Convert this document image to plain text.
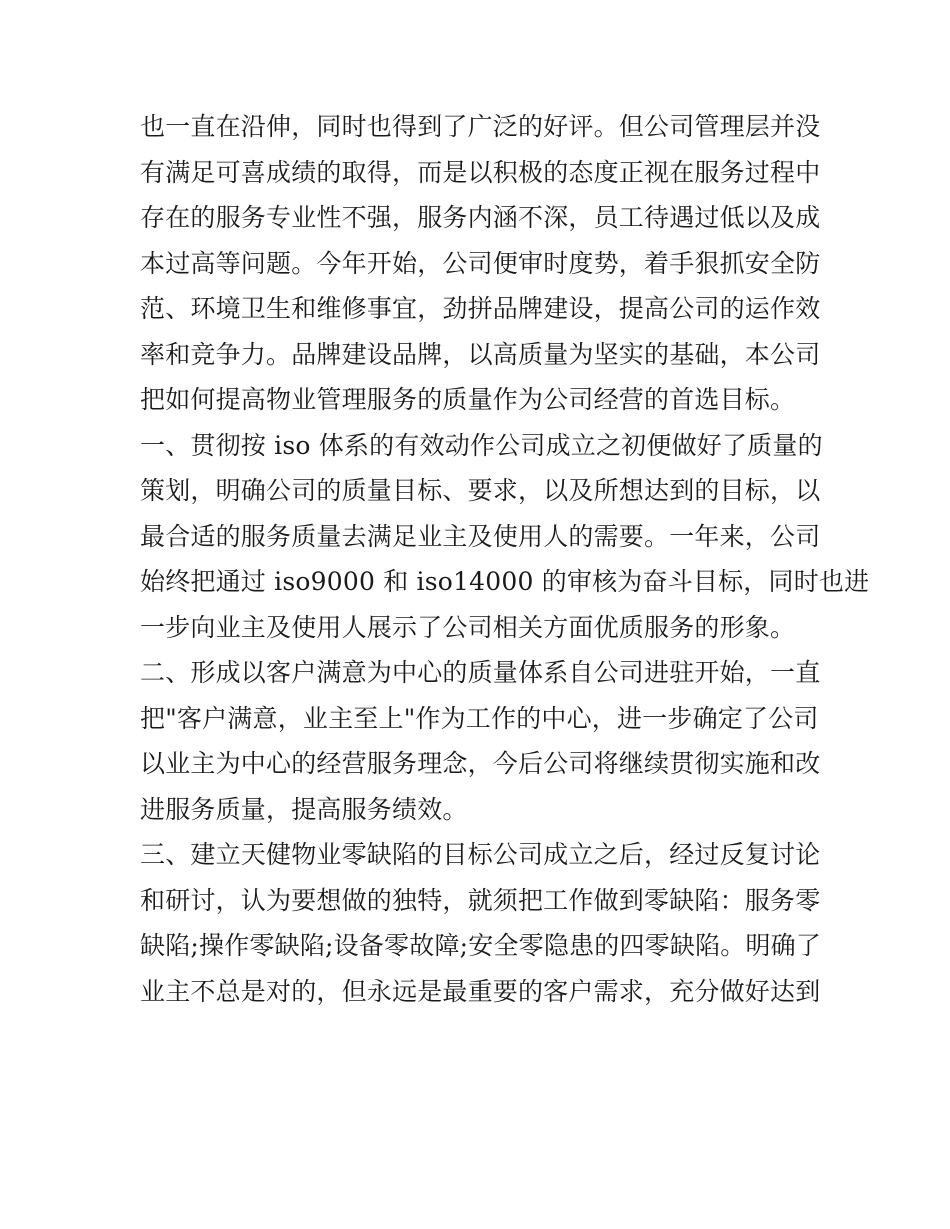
也一直在沿伸，同时也得到了广泛的好评。但公司管理层并没
有满足可喜成绩的取得，而是以积极的态度正视在服务过程中
存在的服务专业性不强，服务内涵不深，员工待遇过低以及成
本过高等问题。今年开始，公司便审时度势，着手狠抓安全防
范、环境卫生和维修事宜，劲拼品牌建设，提高公司的运作效
率和竞争力。品牌建设品牌，以高质量为坚实的基础，本公司
把如何提高物业管理服务的质量作为公司经营的首选目标。
一、贯彻按 iso 体系的有效动作公司成立之初便做好了质量的
策划，明确公司的质量目标、要求，以及所想达到的目标，以
最合适的服务质量去满足业主及使用人的需要。一年来，公司
始终把通过 iso9000 和 iso14000 的审核为奋斗目标，同时也进
一步向业主及使用人展示了公司相关方面优质服务的形象。
二、形成以客户满意为中心的质量体系自公司进驻开始，一直
把"客户满意，业主至上"作为工作的中心，进一步确定了公司
以业主为中心的经营服务理念，今后公司将继续贯彻实施和改
进服务质量，提高服务绩效。
三、建立天健物业零缺陷的目标公司成立之后，经过反复讨论
和研讨，认为要想做的独特，就须把工作做到零缺陷：服务零
缺陷;操作零缺陷;设备零故障;安全零隐患的四零缺陷。明确了
业主不总是对的，但永远是最重要的客户需求，充分做好达到
